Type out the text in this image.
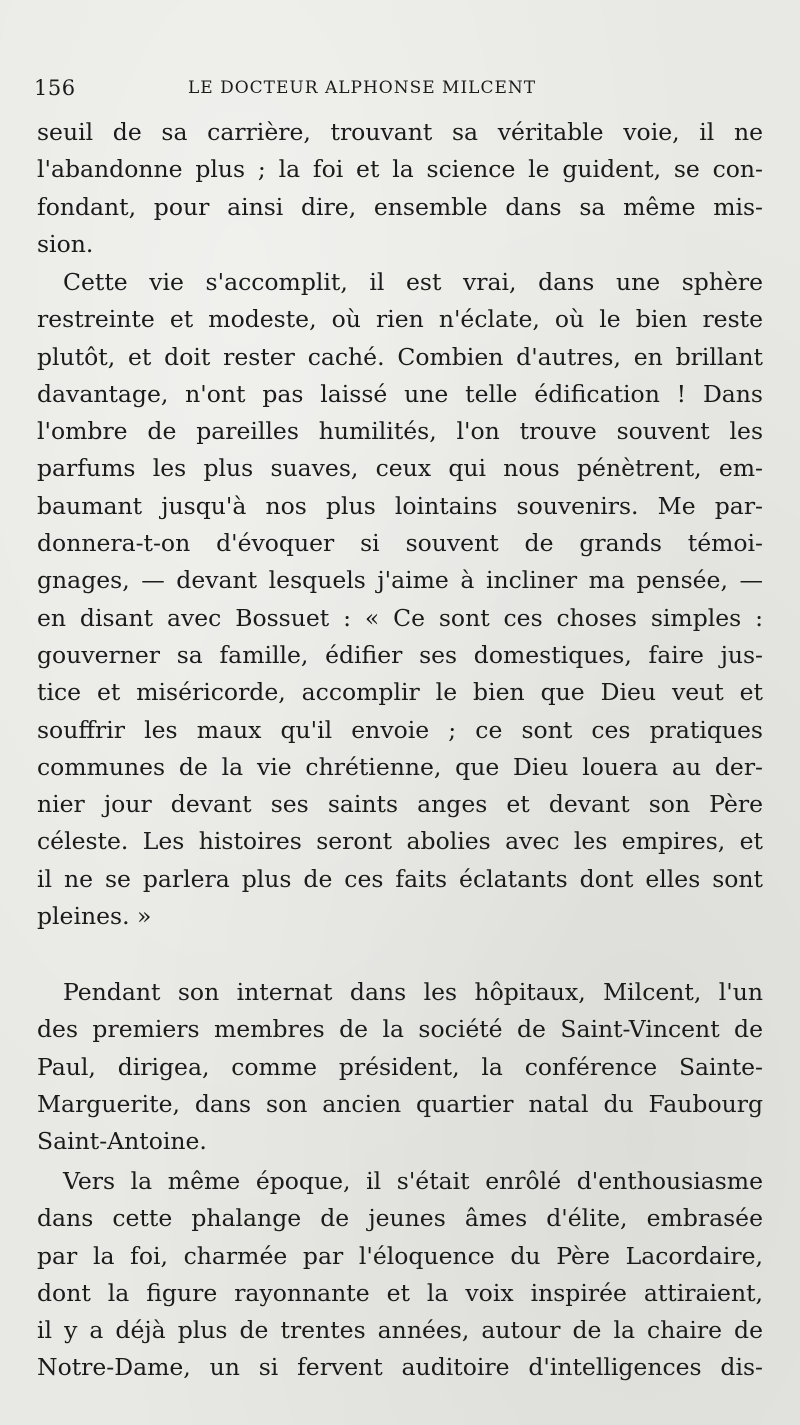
156	LE DOCTEUR ALPHONSE MILCENT
seuil de sa carrière, trouvant sa véritable voie, il ne
l'abandonne plus ; la foi et la science le guident, se con-
fondant, pour ainsi dire, ensemble dans sa même mis-
sion.
Cette vie s'accomplit, il est vrai, dans une sphère
restreinte et modeste, où rien n'éclate, où le bien reste
plutôt, et doit rester caché. Combien d'autres, en brillant
davantage, n'ont pas laissé une telle édification ! Dans
l'ombre de pareilles humilités, l'on trouve souvent les
parfums les plus suaves, ceux qui nous pénètrent, em-
baumant jusqu'à nos plus lointains souvenirs. Me par-
donnera-t-on d'évoquer si souvent de grands témoi-
gnages, — devant lesquels j'aime à incliner ma pensée, —
en disant avec Bossuet : « Ce sont ces choses simples :
gouverner sa famille, édifier ses domestiques, faire jus-
tice et miséricorde, accomplir le bien que Dieu veut et
souffrir les maux qu'il envoie ; ce sont ces pratiques
communes de la vie chrétienne, que Dieu louera au der-
nier jour devant ses saints anges et devant son Père
céleste. Les histoires seront abolies avec les empires, et
il ne se parlera plus de ces faits éclatants dont elles sont
pleines. »
Pendant son internat dans les hôpitaux, Milcent, l'un
des premiers membres de la société de Saint-Vincent de
Paul, dirigea, comme président, la conférence Sainte-
Marguerite, dans son ancien quartier natal du Faubourg
Saint-Antoine.
Vers la même époque, il s'était enrôlé d'enthousiasme
dans cette phalange de jeunes âmes d'élite, embrasée
par la foi, charmée par l'éloquence du Père Lacordaire,
dont la figure rayonnante et la voix inspirée attiraient,
il y a déjà plus de trentes années, autour de la chaire de
Notre-Dame, un si fervent auditoire d'intelligences dis-
